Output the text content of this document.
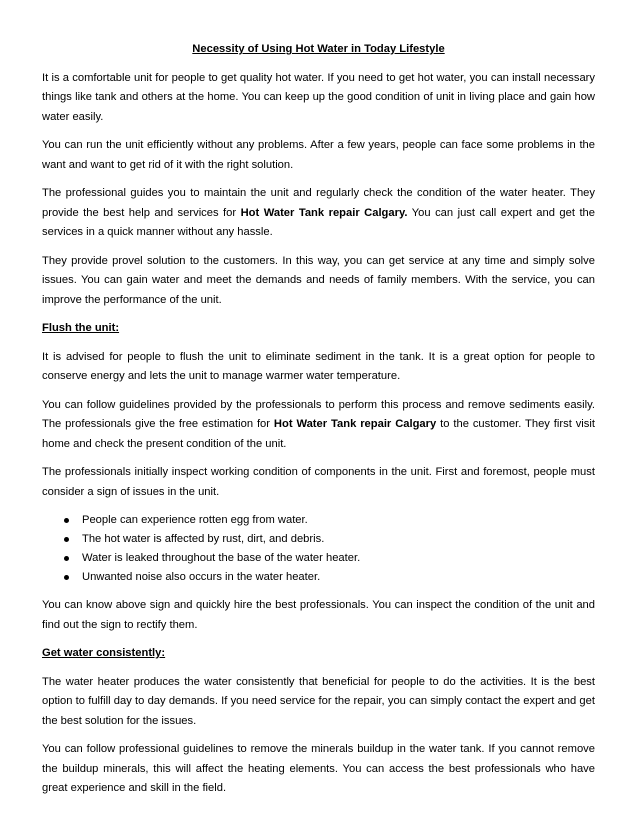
Necessity of Using Hot Water in Today Lifestyle

It is a comfortable unit for people to get quality hot water. If you need to get hot water, you can install necessary things like tank and others at the home. You can keep up the good condition of unit in living place and gain how water easily.

You can run the unit efficiently without any problems. After a few years, people can face some problems in the want and want to get rid of it with the right solution.

The professional guides you to maintain the unit and regularly check the condition of the water heater. They provide the best help and services for Hot Water Tank repair Calgary. You can just call expert and get the services in a quick manner without any hassle.

They provide provel solution to the customers. In this way, you can get service at any time and simply solve issues. You can gain water and meet the demands and needs of family members. With the service, you can improve the performance of the unit.

Flush the unit:

It is advised for people to flush the unit to eliminate sediment in the tank. It is a great option for people to conserve energy and lets the unit to manage warmer water temperature.

You can follow guidelines provided by the professionals to perform this process and remove sediments easily. The professionals give the free estimation for Hot Water Tank repair Calgary to the customer. They first visit home and check the present condition of the unit.

The professionals initially inspect working condition of components in the unit. First and foremost, people must consider a sign of issues in the unit.

People can experience rotten egg from water.
The hot water is affected by rust, dirt, and debris.
Water is leaked throughout the base of the water heater.
Unwanted noise also occurs in the water heater.

You can know above sign and quickly hire the best professionals. You can inspect the condition of the unit and find out the sign to rectify them.

Get water consistently:

The water heater produces the water consistently that beneficial for people to do the activities. It is the best option to fulfill day to day demands. If you need service for the repair, you can simply contact the expert and get the best solution for the issues.

You can follow professional guidelines to remove the minerals buildup in the water tank. If you cannot remove the buildup minerals, this will affect the heating elements. You can access the best professionals who have great experience and skill in the field.
